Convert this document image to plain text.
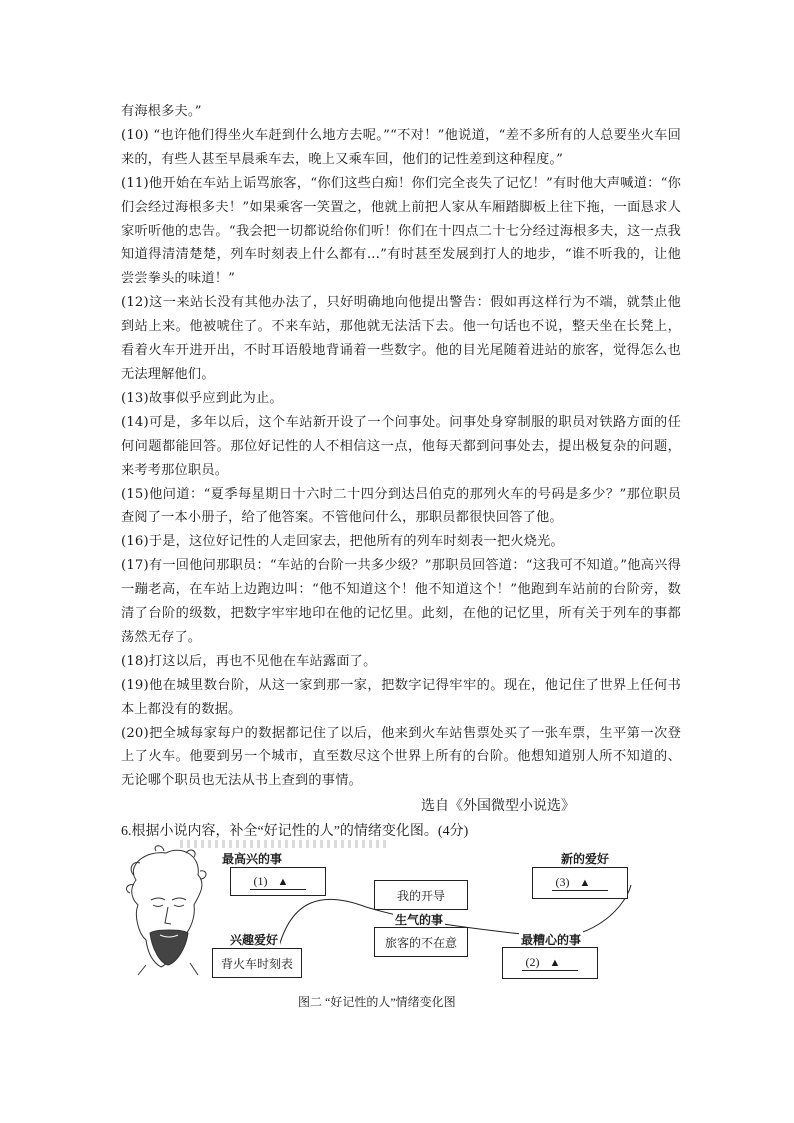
有海根多夫。”

(10) “也许他们得坐火车赶到什么地方去呢。”“不对！”他说道，“差不多所有的人总要坐火车回来的，有些人甚至早晨乘车去，晚上又乘车回，他们的记性差到这种程度。”

(11)他开始在车站上诟骂旅客，“你们这些白痴！你们完全丧失了记忆！”有时他大声喊道：“你们会经过海根多夫！”如果乘客一笑置之，他就上前把人家从车厢踏脚板上往下拖，一面恳求人家听听他的忠告。“我会把一切都说给你们听！你们在十四点二十七分经过海根多夫，这一点我知道得清清楚楚，列车时刻表上什么都有…”有时甚至发展到打人的地步，“谁不听我的，让他尝尝拳头的味道！”

(12)这一来站长没有其他办法了，只好明确地向他提出警告：假如再这样行为不端，就禁止他到站上来。他被唬住了。不来车站，那他就无法活下去。他一句话也不说，整天坐在长凳上，看着火车开进开出，不时耳语般地背诵着一些数字。他的目光尾随着进站的旅客，觉得怎么也无法理解他们。

(13)故事似乎应到此为止。

(14)可是，多年以后，这个车站新开设了一个问事处。问事处身穿制服的职员对铁路方面的任何问题都能回答。那位好记性的人不相信这一点，他每天都到问事处去，提出极复杂的问题，来考考那位职员。

(15)他问道：“夏季每星期日十六时二十四分到达吕伯克的那列火车的号码是多少？”那位职员查阅了一本小册子，给了他答案。不管他问什么，那职员都很快回答了他。

(16)于是，这位好记性的人走回家去，把他所有的列车时刻表一把火烧光。

(17)有一回他问那职员：“车站的台阶一共多少级？”那职员回答道：“这我可不知道。”他高兴得一蹦老高，在车站上边跑边叫：“他不知道这个！他不知道这个！”他跑到车站前的台阶旁，数清了台阶的级数，把数字牢牢地印在他的记忆里。此刻，在他的记忆里，所有关于列车的事都荡然无存了。

(18)打这以后，再也不见他在车站露面了。

(19)他在城里数台阶，从这一家到那一家，把数字记得牢牢的。现在，他记住了世界上任何书本上都没有的数据。

(20)把全城每家每户的数据都记住了以后，他来到火车站售票处买了一张车票，生平第一次登上了火车。他要到另一个城市，直至数尽这个世界上所有的台阶。他想知道别人所不知道的、无论哪个职员也无法从书上查到的事情。

选自《外国微型小说选》
6.根据小说内容，补全“好记性的人”的情绪变化图。(4分)
最高兴的事
(1) ▲
新的爱好
(3) ▲
我的开导
生气的事
旅客的不在意
兴趣爱好
背火车时刻表
最糟心的事
(2) ▲
图二 “好记性的人”情绪变化图
